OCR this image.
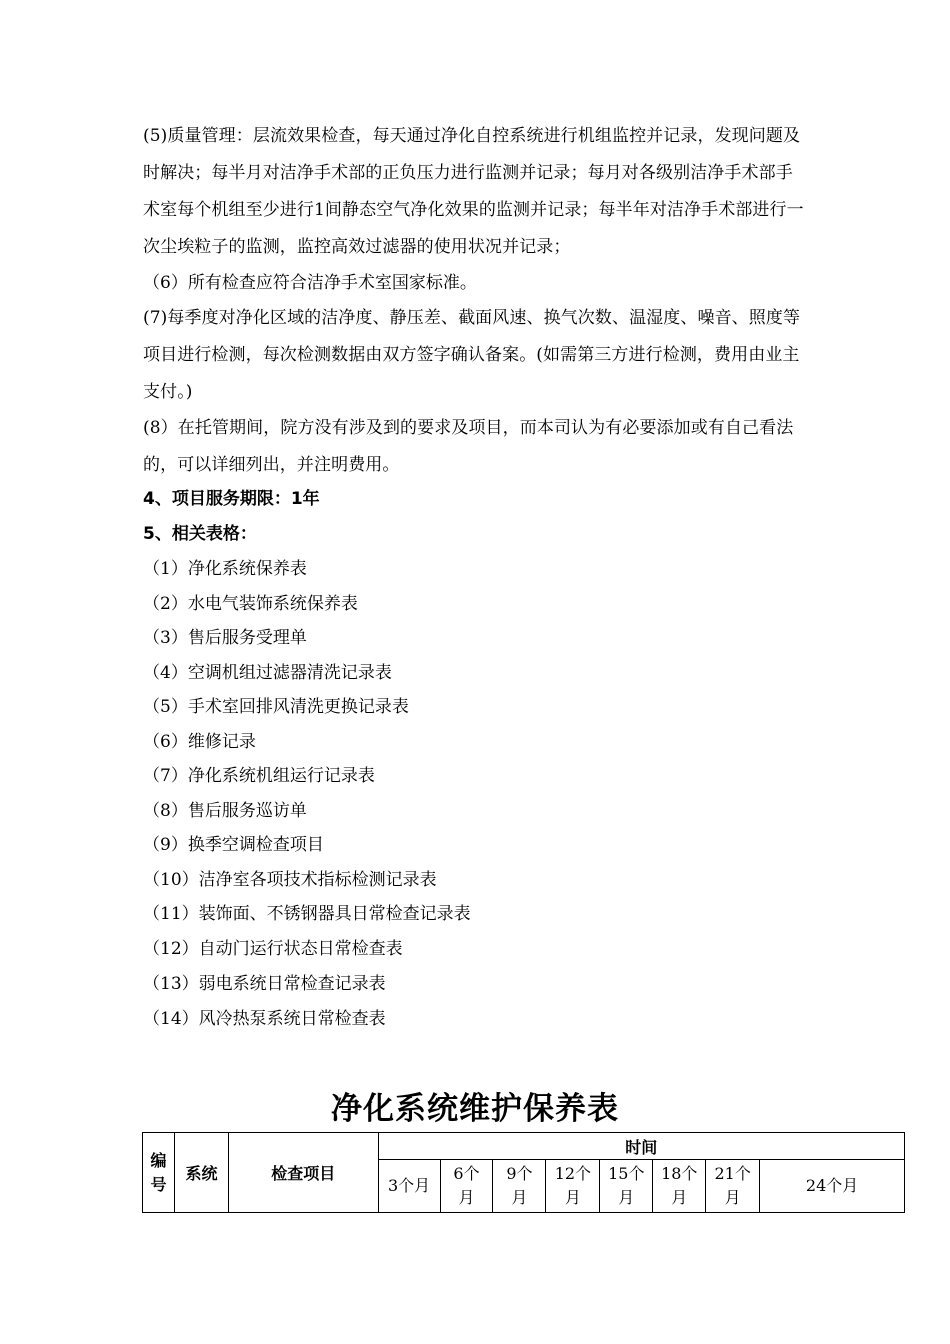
(5)质量管理：层流效果检查，每天通过净化自控系统进行机组监控并记录，发现问题及时解决；每半月对洁净手术部的正负压力进行监测并记录；每月对各级别洁净手术部手术室每个机组至少进行1间静态空气净化效果的监测并记录；每半年对洁净手术部进行一次尘埃粒子的监测，监控高效过滤器的使用状况并记录；
（6）所有检查应符合洁净手术室国家标准。
(7)每季度对净化区域的洁净度、静压差、截面风速、换气次数、温湿度、噪音、照度等项目进行检测，每次检测数据由双方签字确认备案。(如需第三方进行检测，费用由业主支付。)
(8）在托管期间，院方没有涉及到的要求及项目，而本司认为有必要添加或有自己看法的，可以详细列出，并注明费用。
4、项目服务期限：1年
5、相关表格：
（1）净化系统保养表
（2）水电气装饰系统保养表
（3）售后服务受理单
（4）空调机组过滤器清洗记录表
（5）手术室回排风清洗更换记录表
（6）维修记录
（7）净化系统机组运行记录表
（8）售后服务巡访单
（9）换季空调检查项目
（10）洁净室各项技术指标检测记录表
（11）装饰面、不锈钢器具日常检查记录表
（12）自动门运行状态日常检查表
（13）弱电系统日常检查记录表
（14）风冷热泵系统日常检查表
净化系统维护保养表
编号	系统	检查项目	时间							
			3个月	6个月	9个月	12个月	15个月	18个月	21个月	24个月
